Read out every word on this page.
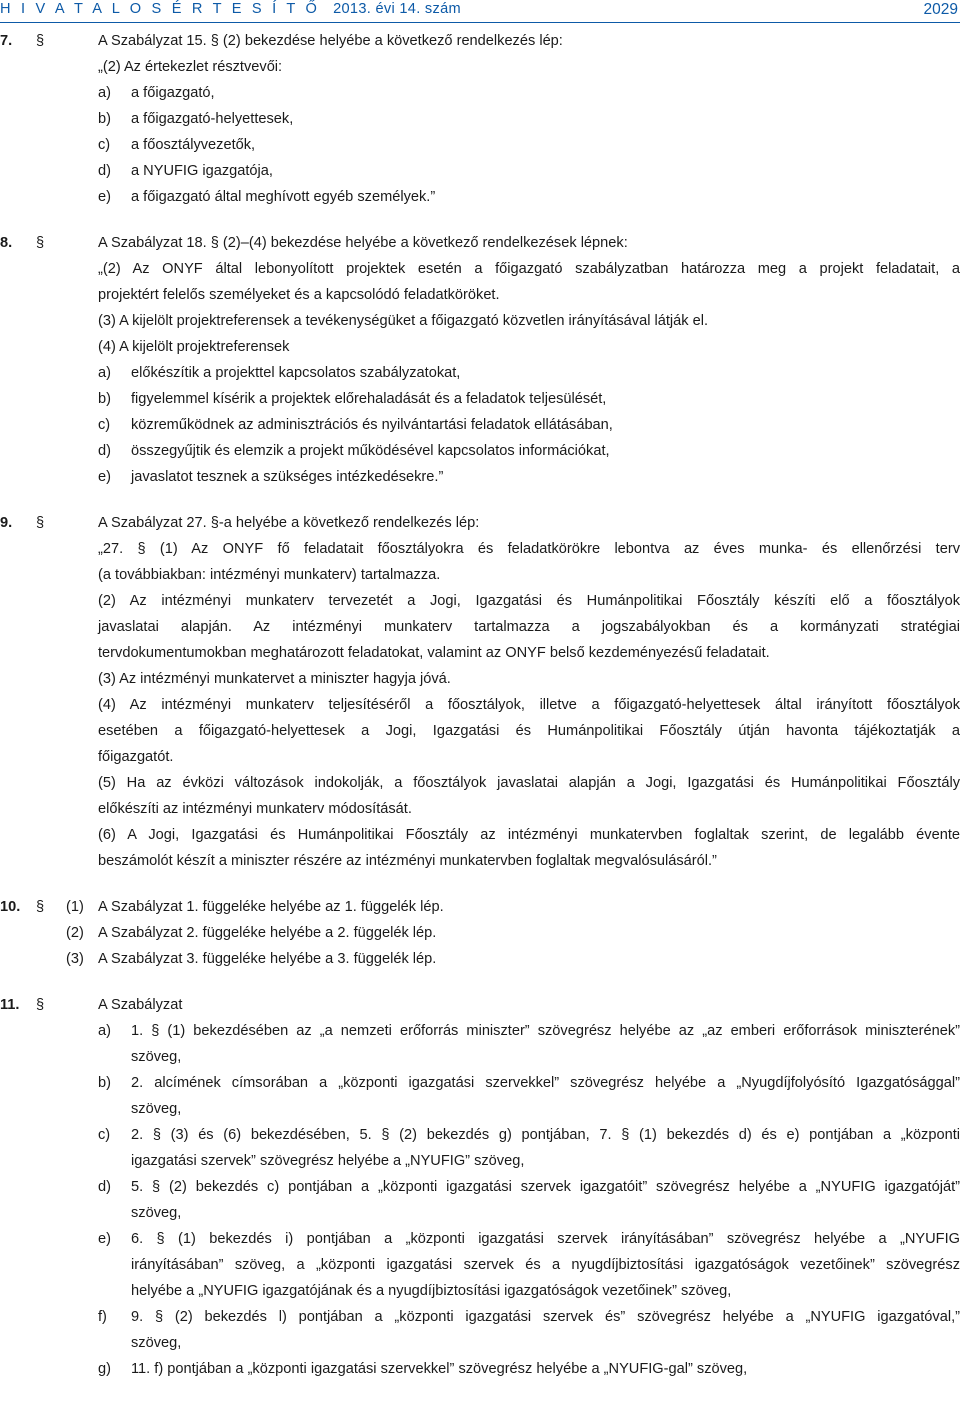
H I V A T A L O S É R T E S Í T Ő 2013. évi 14. szám	2029
7. §	A Szabályzat 15. § (2) bekezdése helyébe a következő rendelkezés lép:
„(2) Az értekezlet résztvevői:
a) a főigazgató,
b) a főigazgató-helyettesek,
c) a főosztályvezetők,
d) a NYUFIG igazgatója,
e) a főigazgató által meghívott egyéb személyek.”
8. §	A Szabályzat 18. § (2)–(4) bekezdése helyébe a következő rendelkezések lépnek:
„(2) Az ONYF által lebonyolított projektek esetén a főigazgató szabályzatban határozza meg a projekt feladatait, a
projektért felelős személyeket és a kapcsolódó feladatköröket.
(3) A kijelölt projektreferensek a tevékenységüket a főigazgató közvetlen irányításával látják el.
(4) A kijelölt projektreferensek
a) előkészítik a projekttel kapcsolatos szabályzatokat,
b) figyelemmel kísérik a projektek előrehaladását és a feladatok teljesülését,
c) közreműködnek az adminisztrációs és nyilvántartási feladatok ellátásában,
d) összegyűjtik és elemzik a projekt működésével kapcsolatos információkat,
e) javaslatot tesznek a szükséges intézkedésekre.”
9. §	A Szabályzat 27. §-a helyébe a következő rendelkezés lép:
„27. § (1) Az ONYF fő feladatait főosztályokra és feladatkörökre lebontva az éves munka- és ellenőrzési terv
(a továbbiakban: intézményi munkaterv) tartalmazza.
(2) Az intézményi munkaterv tervezetét a Jogi, Igazgatási és Humánpolitikai Főosztály készíti elő a főosztályok
javaslatai alapján. Az intézményi munkaterv tartalmazza a jogszabályokban és a kormányzati stratégiai
tervdokumentumokban meghatározott feladatokat, valamint az ONYF belső kezdeményezésű feladatait.
(3) Az intézményi munkatervet a miniszter hagyja jóvá.
(4) Az intézményi munkaterv teljesítéséről a főosztályok, illetve a főigazgató-helyettesek által irányított főosztályok
esetében a főigazgató-helyettesek a Jogi, Igazgatási és Humánpolitikai Főosztály útján havonta tájékoztatják a
főigazgatót.
(5) Ha az évközi változások indokolják, a főosztályok javaslatai alapján a Jogi, Igazgatási és Humánpolitikai Főosztály
előkészíti az intézményi munkaterv módosítását.
(6) A Jogi, Igazgatási és Humánpolitikai Főosztály az intézményi munkatervben foglaltak szerint, de legalább évente
beszámolót készít a miniszter részére az intézményi munkatervben foglaltak megvalósulásáról.”
10. § (1) A Szabályzat 1. függeléke helyébe az 1. függelék lép.
(2) A Szabályzat 2. függeléke helyébe a 2. függelék lép.
(3) A Szabályzat 3. függeléke helyébe a 3. függelék lép.
11. §	A Szabályzat
a) 1. § (1) bekezdésében az „a nemzeti erőforrás miniszter” szövegrész helyébe az „az emberi erőforrások miniszterének”
szöveg,
b) 2. alcímének címsorában a „központi igazgatási szervekkel” szövegrész helyébe a „Nyugdíjfolyósító Igazgatósággal”
szöveg,
c) 2. § (3) és (6) bekezdésében, 5. § (2) bekezdés g) pontjában, 7. § (1) bekezdés d) és e) pontjában a „központi
igazgatási szervek” szövegrész helyébe a „NYUFIG” szöveg,
d) 5. § (2) bekezdés c) pontjában a „központi igazgatási szervek igazgatóit” szövegrész helyébe a „NYUFIG igazgatóját”
szöveg,
e) 6. § (1) bekezdés i) pontjában a „központi igazgatási szervek irányításában” szövegrész helyébe a „NYUFIG
irányításában” szöveg, a „központi igazgatási szervek és a nyugdíjbiztosítási igazgatóságok vezetőinek” szövegrész
helyébe a „NYUFIG igazgatójának és a nyugdíjbiztosítási igazgatóságok vezetőinek” szöveg,
f) 9. § (2) bekezdés l) pontjában a „központi igazgatási szervek és” szövegrész helyébe a „NYUFIG igazgatóval,”
szöveg,
g) 11. f) pontjában a „központi igazgatási szervekkel” szövegrész helyébe a „NYUFIG-gal” szöveg,
